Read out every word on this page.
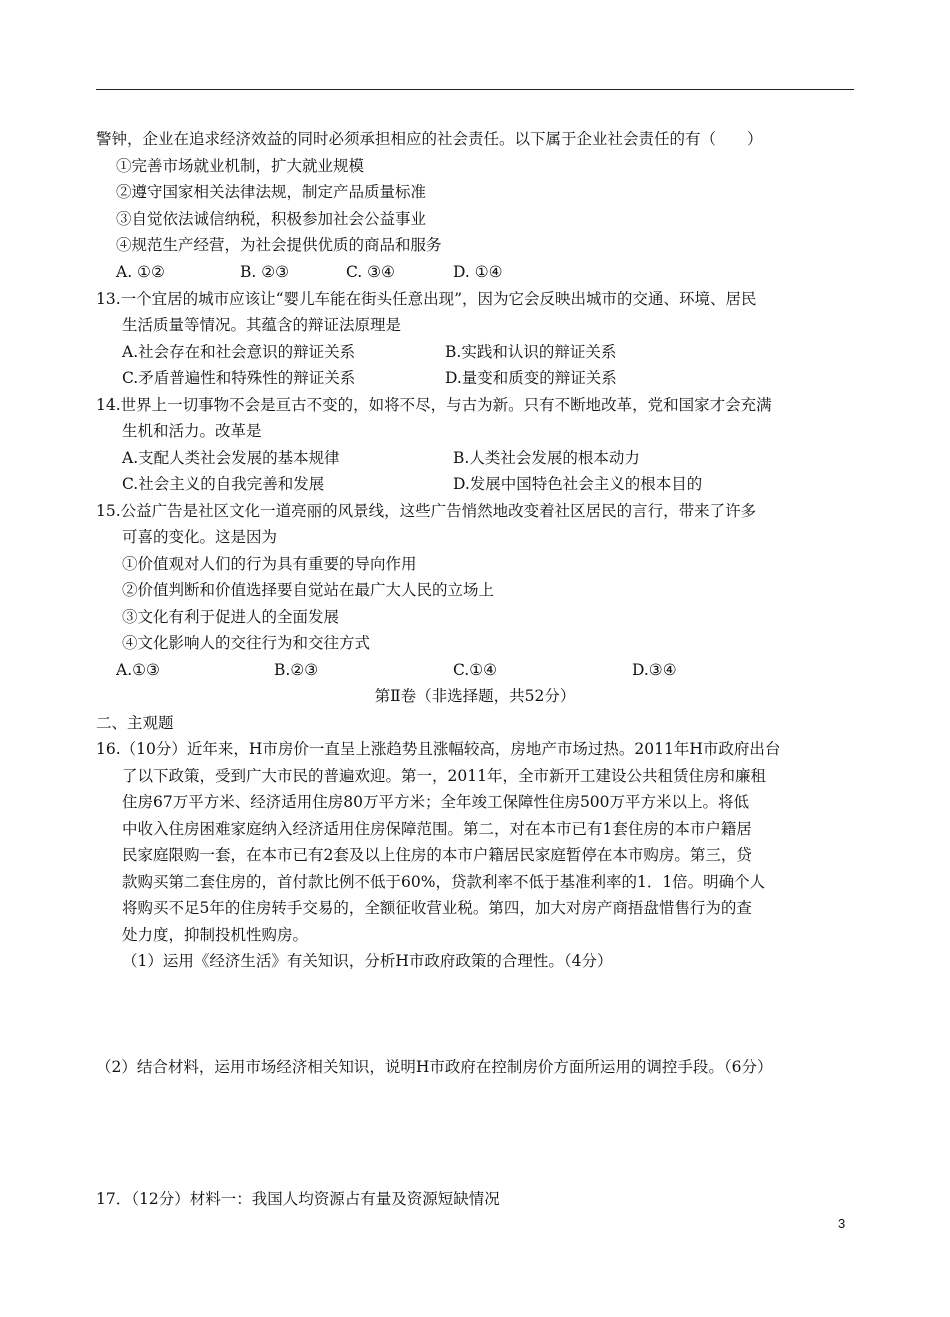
警钟，企业在追求经济效益的同时必须承担相应的社会责任。以下属于企业社会责任的有（　　）
①完善市场就业机制，扩大就业规模
②遵守国家相关法律法规，制定产品质量标准
③自觉依法诚信纳税，积极参加社会公益事业
④规范生产经营，为社会提供优质的商品和服务
A. ①②	B. ②③	C. ③④	D. ①④
13.一个宜居的城市应该让“婴儿车能在街头任意出现”，因为它会反映出城市的交通、环境、居民
生活质量等情况。其蕴含的辩证法原理是
A.社会存在和社会意识的辩证关系	B.实践和认识的辩证关系
C.矛盾普遍性和特殊性的辩证关系	D.量变和质变的辩证关系
14.世界上一切事物不会是亘古不变的，如将不尽，与古为新。只有不断地改革，党和国家才会充满
生机和活力。改革是
A.支配人类社会发展的基本规律	B.人类社会发展的根本动力
C.社会主义的自我完善和发展	D.发展中国特色社会主义的根本目的
15.公益广告是社区文化一道亮丽的风景线，这些广告悄然地改变着社区居民的言行，带来了许多
可喜的变化。这是因为
①价值观对人们的行为具有重要的导向作用
②价值判断和价值选择要自觉站在最广大人民的立场上
③文化有利于促进人的全面发展
④文化影响人的交往行为和交往方式
A.①③	B.②③	C.①④	D.③④
第Ⅱ卷（非选择题，共52分）
二、主观题
16.（10分）近年来，H市房价一直呈上涨趋势且涨幅较高，房地产市场过热。2011年H市政府出台
了以下政策，受到广大市民的普遍欢迎。第一，2011年，全市新开工建设公共租赁住房和廉租
住房67万平方米、经济适用住房80万平方米；全年竣工保障性住房500万平方米以上。将低
中收入住房困难家庭纳入经济适用住房保障范围。第二，对在本市已有1套住房的本市户籍居
民家庭限购一套，在本市已有2套及以上住房的本市户籍居民家庭暂停在本市购房。第三，贷
款购买第二套住房的，首付款比例不低于60%，贷款利率不低于基准利率的1．1倍。明确个人
将购买不足5年的住房转手交易的，全额征收营业税。第四，加大对房产商捂盘惜售行为的查
处力度，抑制投机性购房。
（1）运用《经济生活》有关知识，分析H市政府政策的合理性。（4分）
（2）结合材料，运用市场经济相关知识，说明H市政府在控制房价方面所运用的调控手段。（6分）
17．（12分）材料一：我国人均资源占有量及资源短缺情况
3
